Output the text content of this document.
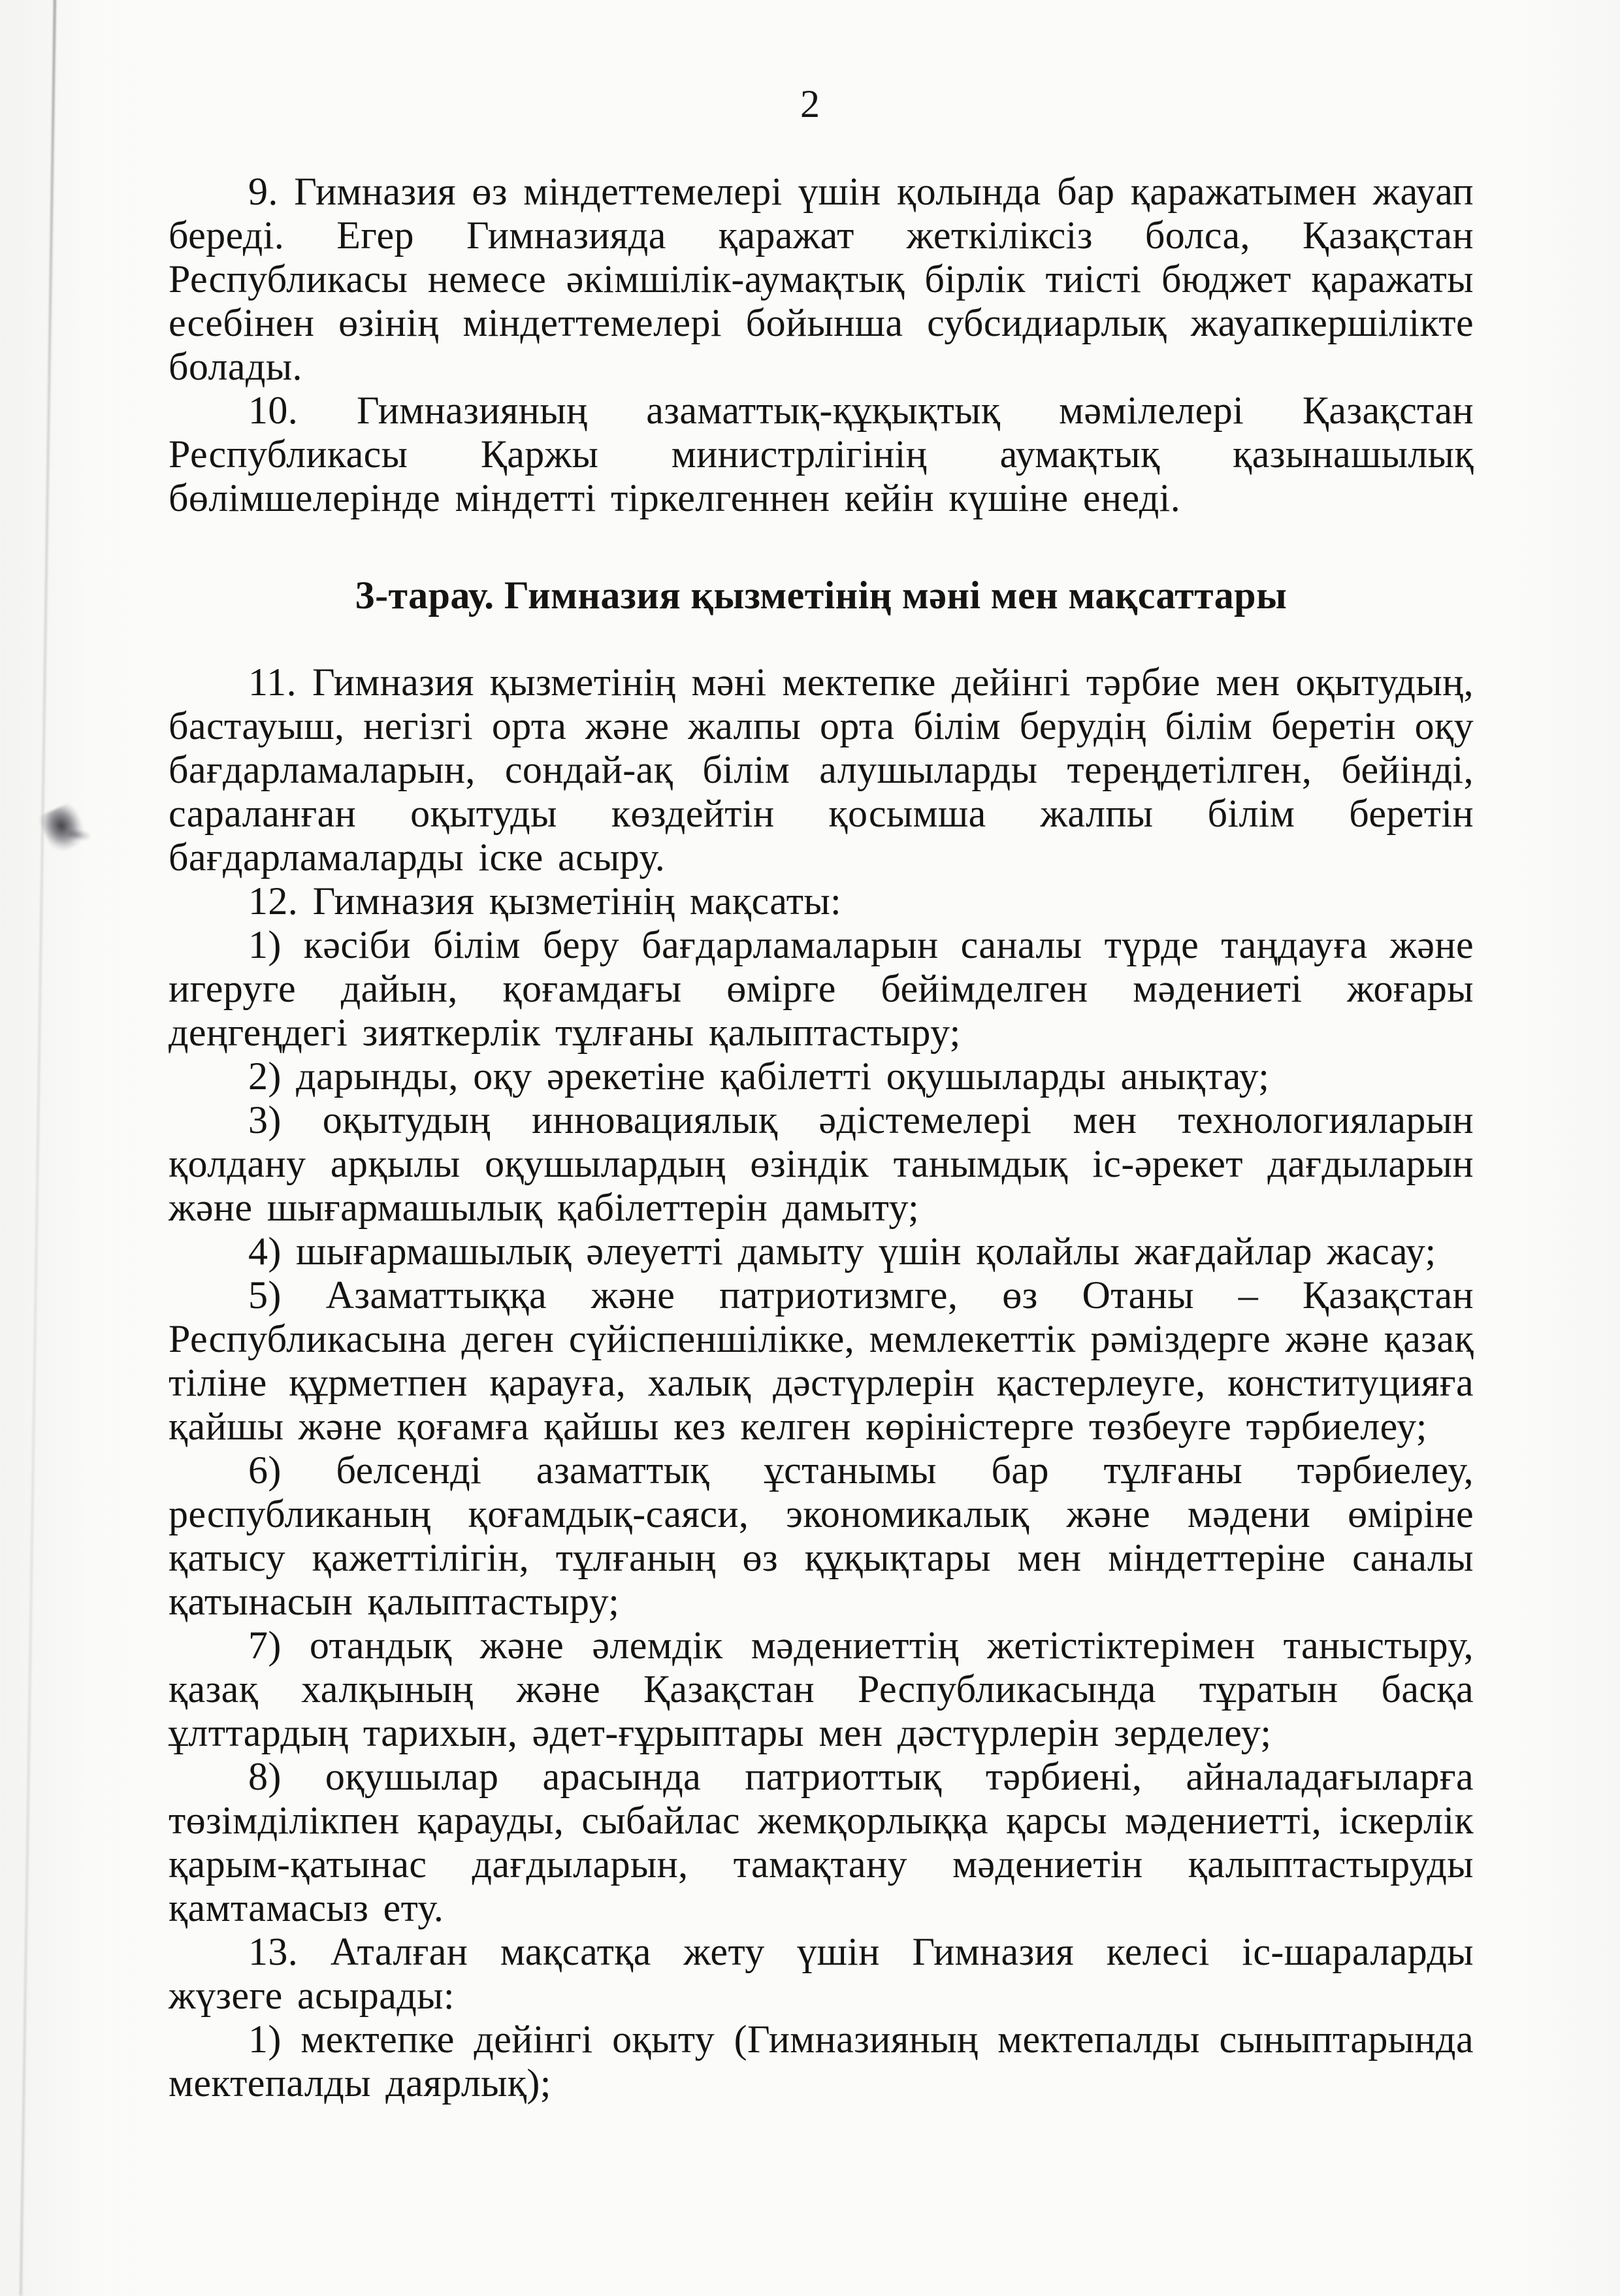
2

9. Гимназия өз міндеттемелері үшін қолында бар қаражатымен жауап береді. Егер Гимназияда қаражат жеткіліксіз болса, Қазақстан Республикасы немесе әкімшілік-аумақтық бірлік тиісті бюджет қаражаты есебінен өзінің міндеттемелері бойынша субсидиарлық жауапкершілікте болады.

10. Гимназияның азаматтық-құқықтық мәмілелері Қазақстан Республикасы Қаржы министрлігінің аумақтық қазынашылық бөлімшелерінде міндетті тіркелгеннен кейін күшіне енеді.

3-тарау. Гимназия қызметінің мәні мен мақсаттары

11. Гимназия қызметінің мәні мектепке дейінгі тәрбие мен оқытудың, бастауыш, негізгі орта және жалпы орта білім берудің білім беретін оқу бағдарламаларын, сондай-ақ білім алушыларды тереңдетілген, бейінді, сараланған оқытуды көздейтін қосымша жалпы білім беретін бағдарламаларды іске асыру.

12. Гимназия қызметінің мақсаты:

1) кәсіби білім беру бағдарламаларын саналы түрде таңдауға және игеруге дайын, қоғамдағы өмірге бейімделген мәдениеті жоғары деңгеңдегі зияткерлік тұлғаны қалыптастыру;

2) дарынды, оқу әрекетіне қабілетті оқушыларды анықтау;

3) оқытудың инновациялық әдістемелері мен технологияларын қолдану арқылы оқушылардың өзіндік танымдық іс-әрекет дағдыларын және шығармашылық қабілеттерін дамыту;

4) шығармашылық әлеуетті дамыту үшін қолайлы жағдайлар жасау;

5) Азаматтыққа және патриотизмге, өз Отаны – Қазақстан Республикасына деген сүйіспеншілікке, мемлекеттік рәміздерге және қазақ тіліне құрметпен қарауға, халық дәстүрлерін қастерлеуге, конституцияға қайшы және қоғамға қайшы кез келген көріністерге төзбеуге тәрбиелеу;

6) белсенді азаматтық ұстанымы бар тұлғаны тәрбиелеу, республиканың қоғамдық-саяси, экономикалық және мәдени өміріне қатысу қажеттілігін, тұлғаның өз құқықтары мен міндеттеріне саналы қатынасын қалыптастыру;

7) отандық және әлемдік мәдениеттің жетістіктерімен таныстыру, қазақ халқының және Қазақстан Республикасында тұратын басқа ұлттардың тарихын, әдет-ғұрыптары мен дәстүрлерін зерделеу;

8) оқушылар арасында патриоттық тәрбиені, айналадағыларға төзімділікпен қарауды, сыбайлас жемқорлыққа қарсы мәдениетті, іскерлік қарым-қатынас дағдыларын, тамақтану мәдениетін қалыптастыруды қамтамасыз ету.

13. Аталған мақсатқа жету үшін Гимназия келесі іс-шараларды жүзеге асырады:

1) мектепке дейінгі оқыту (Гимназияның мектепалды сыныптарында мектепалды даярлық);
